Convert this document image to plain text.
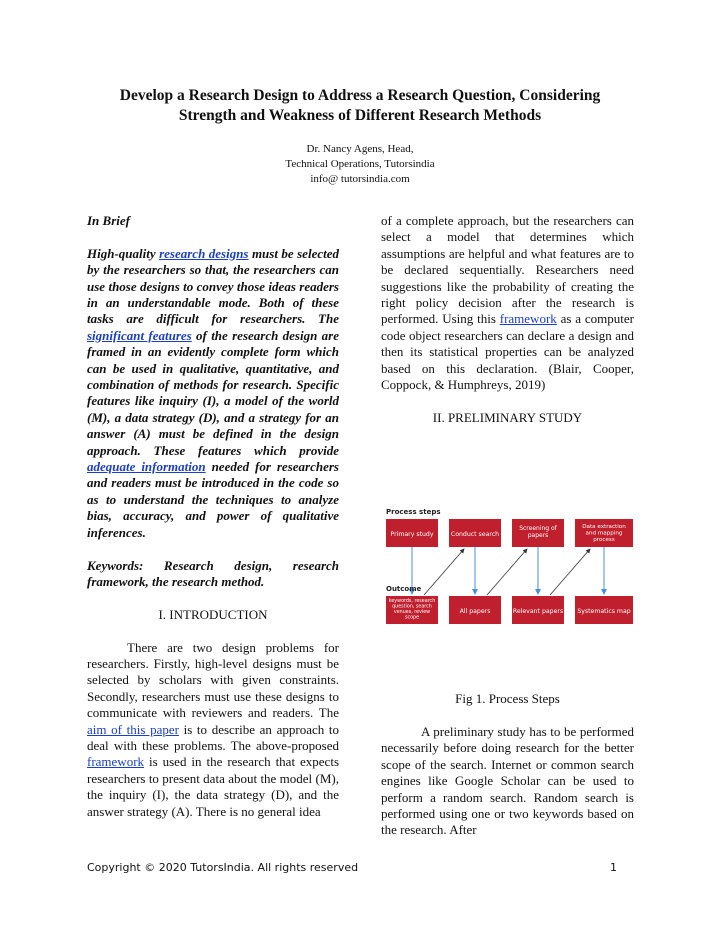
Develop a Research Design to Address a Research Question, Considering
Strength and Weakness of Different Research Methods
Dr. Nancy Agens, Head,
Technical Operations, Tutorsindia
info@ tutorsindia.com

In Brief

High-quality research designs must be selected by the researchers so that, the researchers can use those designs to convey those ideas readers in an understandable mode. Both of these tasks are difficult for researchers. The significant features of the research design are framed in an evidently complete form which can be used in qualitative, quantitative, and combination of methods for research. Specific features like inquiry (I), a model of the world (M), a data strategy (D), and a strategy for an answer (A) must be defined in the design approach. These features which provide adequate information needed for researchers and readers must be introduced in the code so as to understand the techniques to analyze bias, accuracy, and power of qualitative inferences.

Keywords: Research design, research framework, the research method.

I. INTRODUCTION

There are two design problems for researchers. Firstly, high-level designs must be selected by scholars with given constraints. Secondly, researchers must use these designs to communicate with reviewers and readers. The aim of this paper is to describe an approach to deal with these problems. The above-proposed framework is used in the research that expects researchers to present data about the model (M), the inquiry (I), the data strategy (D), and the answer strategy (A). There is no general idea

of a complete approach, but the researchers can select a model that determines which assumptions are helpful and what features are to be declared sequentially. Researchers need suggestions like the probability of creating the right policy decision after the research is performed. Using this framework as a computer code object researchers can declare a design and then its statistical properties can be analyzed based on this declaration. (Blair, Cooper, Coppock, & Humphreys, 2019)

II. PRELIMINARY STUDY

Process steps
Primary study	Conduct search
Screening of papers
Data extraction and mapping process
Outcome
keywords, research question, search venues, review scope
All papers	Relevant papers Systematics map
Fig 1. Process Steps

A preliminary study has to be performed necessarily before doing research for the better scope of the search. Internet or common search engines like Google Scholar can be used to perform a random search. Random search is performed using one or two keywords based on the research. After

Copyright © 2020 TutorsIndia. All rights reserved	1
